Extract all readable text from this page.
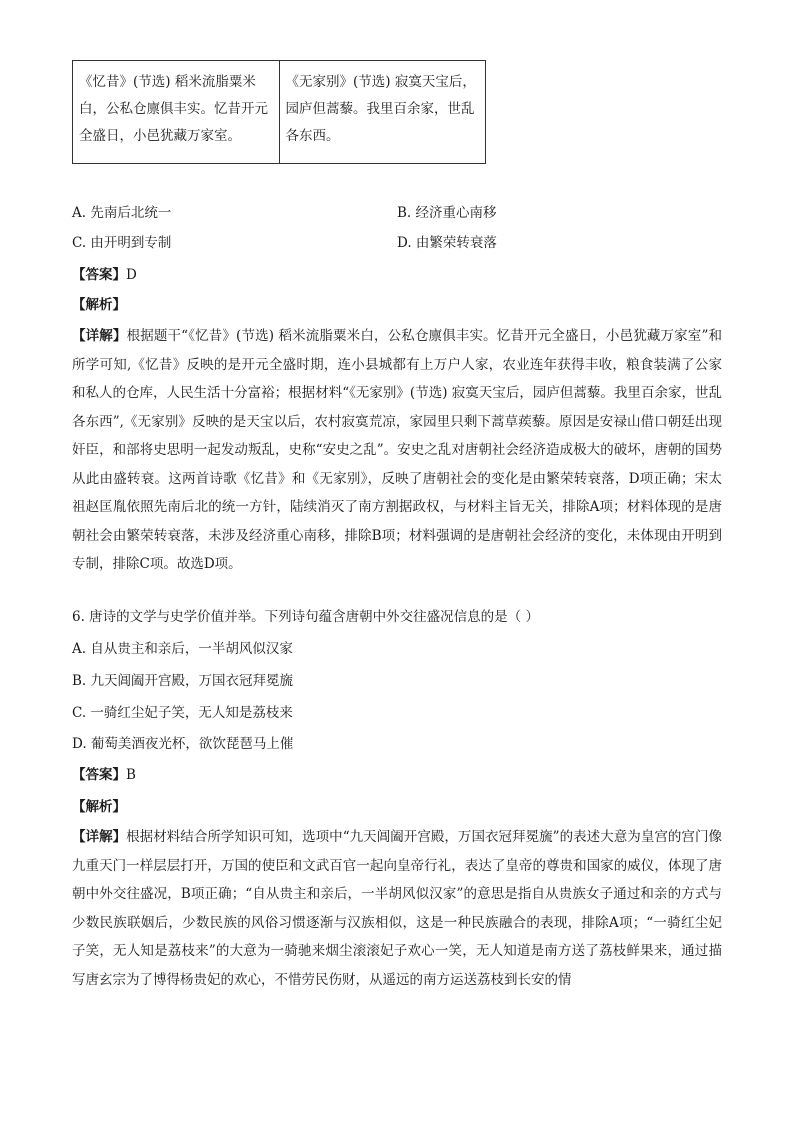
《忆昔》(节选) 稻米流脂粟米白，公私仓廪俱丰实。忆昔开元全盛日，小邑犹藏万家室。	《无家别》(节选) 寂寞天宝后，园庐但蒿藜。我里百余家，世乱各东西。
A. 先南后北统一	B. 经济重心南移
C. 由开明到专制	D. 由繁荣转衰落
【答案】D
【解析】
【详解】根据题干“《忆昔》(节选) 稻米流脂粟米白，公私仓廪俱丰实。忆昔开元全盛日，小邑犹藏万家室”和所学可知,《忆昔》反映的是开元全盛时期，连小县城都有上万户人家，农业连年获得丰收，粮食装满了公家和私人的仓库，人民生活十分富裕；根据材料“《无家别》(节选) 寂寞天宝后，园庐但蒿藜。我里百余家，世乱各东西”,《无家别》反映的是天宝以后，农村寂寞荒凉，家园里只剩下蒿草蒺藜。原因是安禄山借口朝廷出现奸臣，和部将史思明一起发动叛乱，史称“安史之乱”。安史之乱对唐朝社会经济造成极大的破坏，唐朝的国势从此由盛转衰。这两首诗歌《忆昔》和《无家别》，反映了唐朝社会的变化是由繁荣转衰落，D项正确；宋太祖赵匡胤依照先南后北的统一方针，陆续消灭了南方割据政权，与材料主旨无关，排除A项；材料体现的是唐朝社会由繁荣转衰落，未涉及经济重心南移，排除B项；材料强调的是唐朝社会经济的变化，未体现由开明到专制，排除C项。故选D项。
6. 唐诗的文学与史学价值并举。下列诗句蕴含唐朝中外交往盛况信息的是（ ）
A. 自从贵主和亲后，一半胡风似汉家
B. 九天阊阖开宫殿，万国衣冠拜冕旒
C. 一骑红尘妃子笑，无人知是荔枝来
D. 葡萄美酒夜光杯，欲饮琵琶马上催
【答案】B
【解析】
【详解】根据材料结合所学知识可知，选项中“九天阊阖开宫殿，万国衣冠拜冕旒”的表述大意为皇宫的宫门像九重天门一样层层打开，万国的使臣和文武百官一起向皇帝行礼，表达了皇帝的尊贵和国家的威仪，体现了唐朝中外交往盛况，B项正确；“自从贵主和亲后，一半胡风似汉家”的意思是指自从贵族女子通过和亲的方式与少数民族联姻后，少数民族的风俗习惯逐渐与汉族相似，这是一种民族融合的表现，排除A项；“一骑红尘妃子笑，无人知是荔枝来”的大意为一骑驰来烟尘滚滚妃子欢心一笑，无人知道是南方送了荔枝鲜果来，通过描写唐玄宗为了博得杨贵妃的欢心，不惜劳民伤财，从遥远的南方运送荔枝到长安的情
